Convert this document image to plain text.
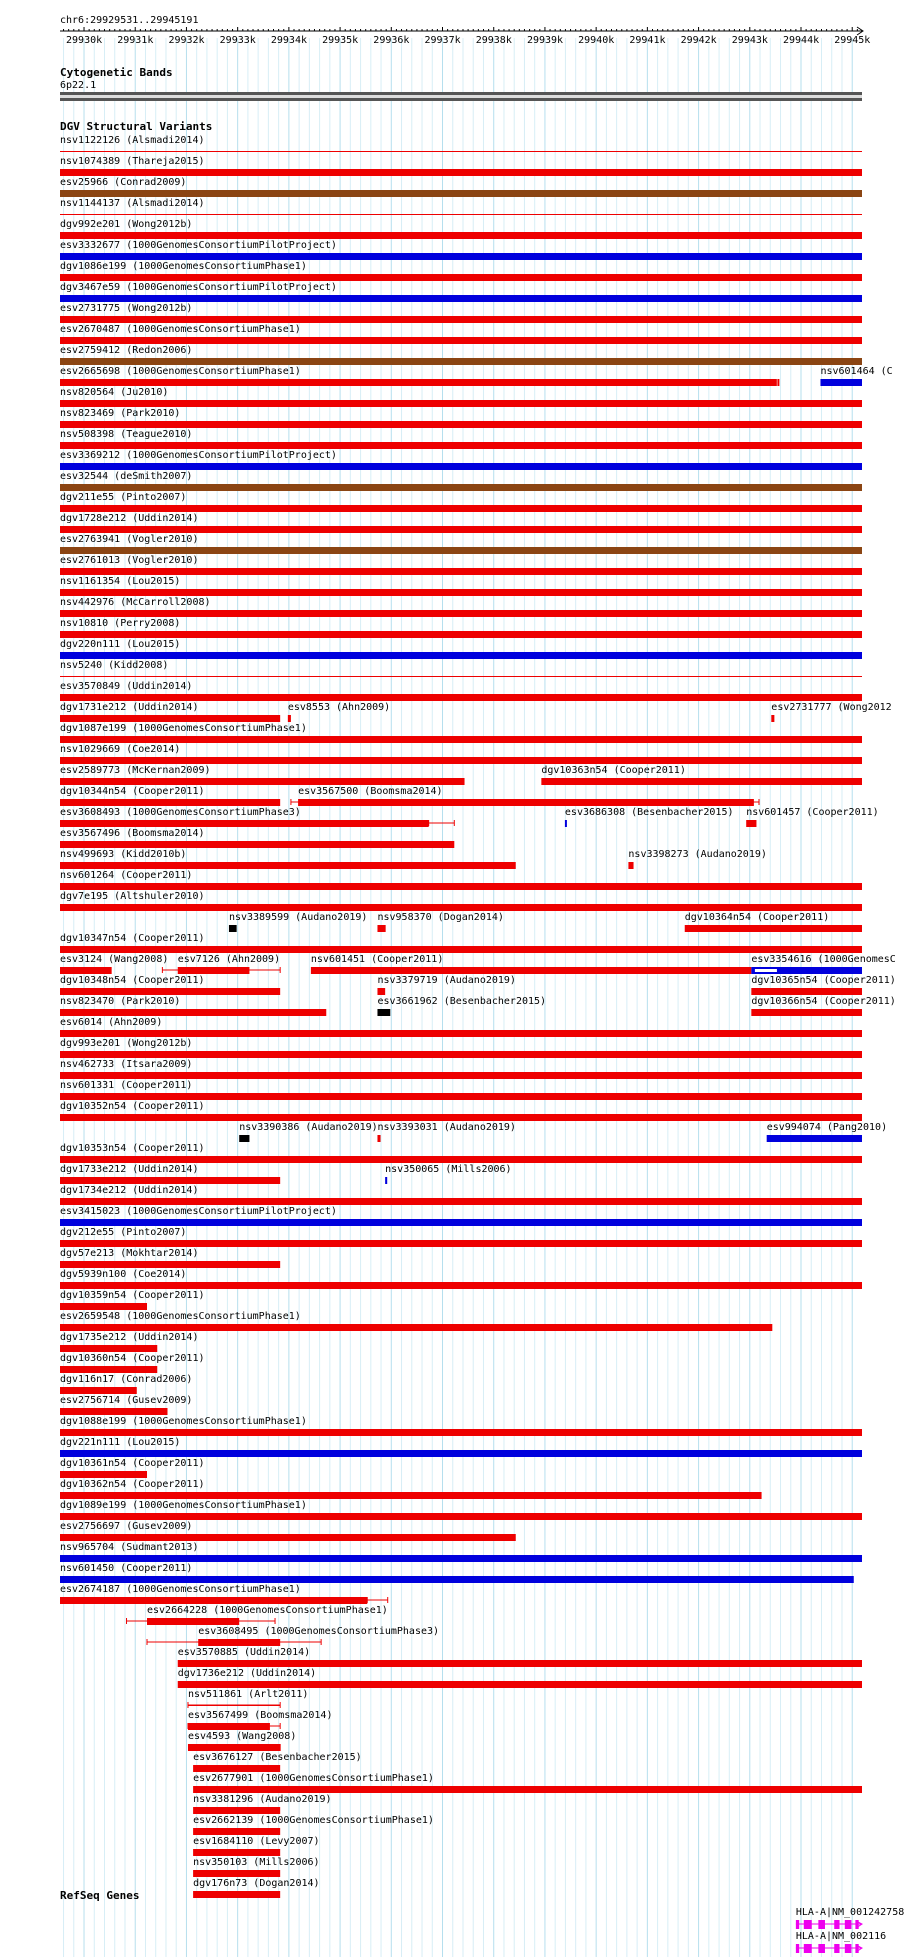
chr6:29929531..29945191
29930k 29931k 29932k 29933k 29934k 29935k 29936k 29937k 29938k 29939k 29940k 29941k 29942k 29943k 29944k 29945k
Cytogenetic Bands
6p22.1
DGV Structural Variants
nsv1122126 (Alsmadi2014)
nsv1074389 (Thareja2015)
esv25966 (Conrad2009)
nsv1144137 (Alsmadi2014)
dgv992e201 (Wong2012b)
esv3332677 (1000GenomesConsortiumPilotProject)
dgv1086e199 (1000GenomesConsortiumPhase1)
dgv3467e59 (1000GenomesConsortiumPilotProject)
esv2731775 (Wong2012b)
esv2670487 (1000GenomesConsortiumPhase1)
esv2759412 (Redon2006)
esv2665698 (1000GenomesConsortiumPhase1)	nsv601464 (C
nsv820564 (Ju2010)
nsv823469 (Park2010)
nsv508398 (Teague2010)
esv3369212 (1000GenomesConsortiumPilotProject)
esv32544 (deSmith2007)
dgv211e55 (Pinto2007)
dgv1728e212 (Uddin2014)
esv2763941 (Vogler2010)
esv2761013 (Vogler2010)
nsv1161354 (Lou2015)
nsv442976 (McCarroll2008)
nsv10810 (Perry2008)
dgv220n111 (Lou2015)
nsv5240 (Kidd2008)
esv3570849 (Uddin2014)
dgv1731e212 (Uddin2014)	esv8553 (Ahn2009)	esv2731777 (Wong2012
dgv1087e199 (1000GenomesConsortiumPhase1)
nsv1029669 (Coe2014)
esv2589773 (McKernan2009)	dgv10363n54 (Cooper2011)
dgv10344n54 (Cooper2011)	esv3567500 (Boomsma2014)
esv3608493 (1000GenomesConsortiumPhase3)	esv3686308 (Besenbacher2015) nsv601457 (Cooper2011)
esv3567496 (Boomsma2014)
nsv499693 (Kidd2010b)	nsv3398273 (Audano2019)
nsv601264 (Cooper2011)
dgv7e195 (Altshuler2010)
nsv3389599 (Audano2019) nsv958370 (Dogan2014)	dgv10364n54 (Cooper2011)
dgv10347n54 (Cooper2011)
esv3124 (Wang2008) esv7126 (Ahn2009)	nsv601451 (Cooper2011)	esv3354616 (1000GenomesC
dgv10348n54 (Cooper2011)	nsv3379719 (Audano2019)	dgv10365n54 (Cooper2011)
nsv823470 (Park2010)	esv3661962 (Besenbacher2015)	dgv10366n54 (Cooper2011)
esv6014 (Ahn2009)
dgv993e201 (Wong2012b)
nsv462733 (Itsara2009)
nsv601331 (Cooper2011)
dgv10352n54 (Cooper2011)
nsv3390386 (Audano2019) nsv3393031 (Audano2019)	esv994074 (Pang2010)
dgv10353n54 (Cooper2011)
dgv1733e212 (Uddin2014)	nsv350065 (Mills2006)
dgv1734e212 (Uddin2014)
esv3415023 (1000GenomesConsortiumPilotProject)
dgv212e55 (Pinto2007)
dgv57e213 (Mokhtar2014)
dgv5939n100 (Coe2014)
dgv10359n54 (Cooper2011)
esv2659548 (1000GenomesConsortiumPhase1)
dgv1735e212 (Uddin2014)
dgv10360n54 (Cooper2011)
dgv116n17 (Conrad2006)
esv2756714 (Gusev2009)
dgv1088e199 (1000GenomesConsortiumPhase1)
dgv221n111 (Lou2015)
dgv10361n54 (Cooper2011)
dgv10362n54 (Cooper2011)
dgv1089e199 (1000GenomesConsortiumPhase1)
esv2756697 (Gusev2009)
nsv965704 (Sudmant2013)
nsv601450 (Cooper2011)
esv2674187 (1000GenomesConsortiumPhase1)
esv2664228 (1000GenomesConsortiumPhase1)
esv3608495 (1000GenomesConsortiumPhase3)
esv3570885 (Uddin2014)
dgv1736e212 (Uddin2014)
nsv511861 (Arlt2011)
esv3567499 (Boomsma2014)
esv4593 (Wang2008)
esv3676127 (Besenbacher2015)
esv2677901 (1000GenomesConsortiumPhase1)
nsv3381296 (Audano2019)
esv2662139 (1000GenomesConsortiumPhase1)
esv1684110 (Levy2007)
nsv350103 (Mills2006)
dgv176n73 (Dogan2014)
RefSeq Genes
HLA-A|NM_001242758
HLA-A|NM_002116
